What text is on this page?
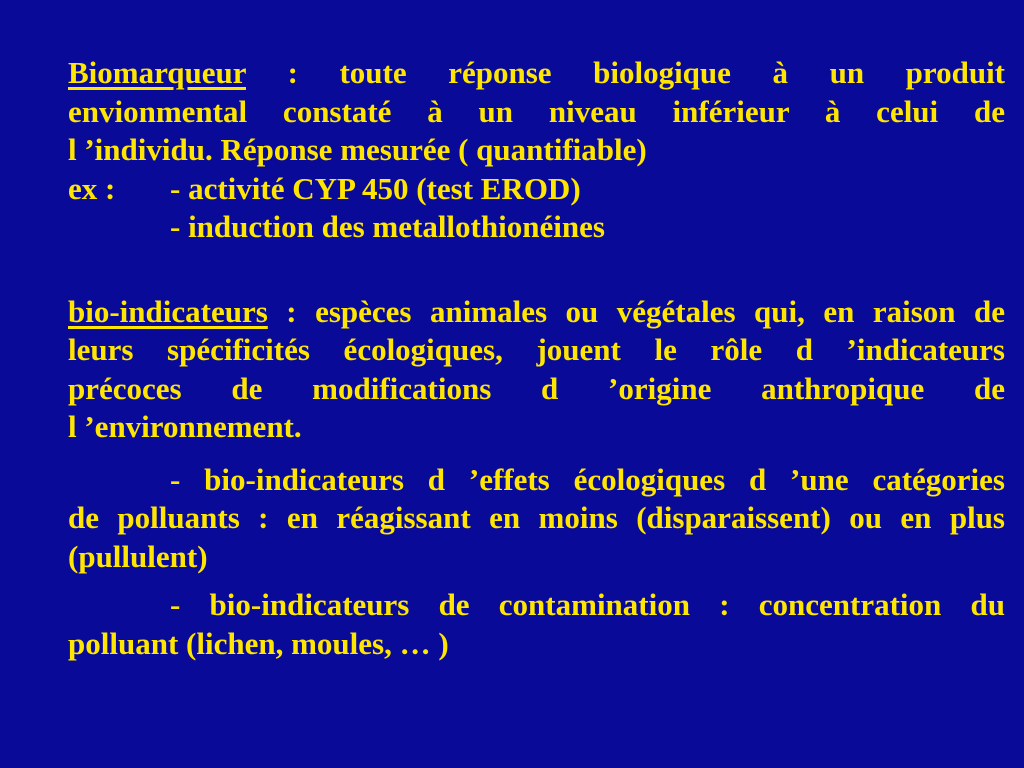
Biomarqueur : toute réponse biologique à un produit
envionmental constaté à un niveau inférieur à celui de
l ’individu. Réponse mesurée ( quantifiable)
ex : - activité CYP 450 (test EROD)
- induction des metallothionéines
bio-indicateurs : espèces animales ou végétales qui, en raison de
leurs spécificités écologiques, jouent le rôle d ’indicateurs
précoces de modifications d ’origine anthropique de
l ’environnement.
- bio-indicateurs d ’effets écologiques d ’une catégories
de polluants : en réagissant en moins (disparaissent) ou en plus
(pullulent)
- bio-indicateurs de contamination : concentration du
polluant (lichen, moules, … )
